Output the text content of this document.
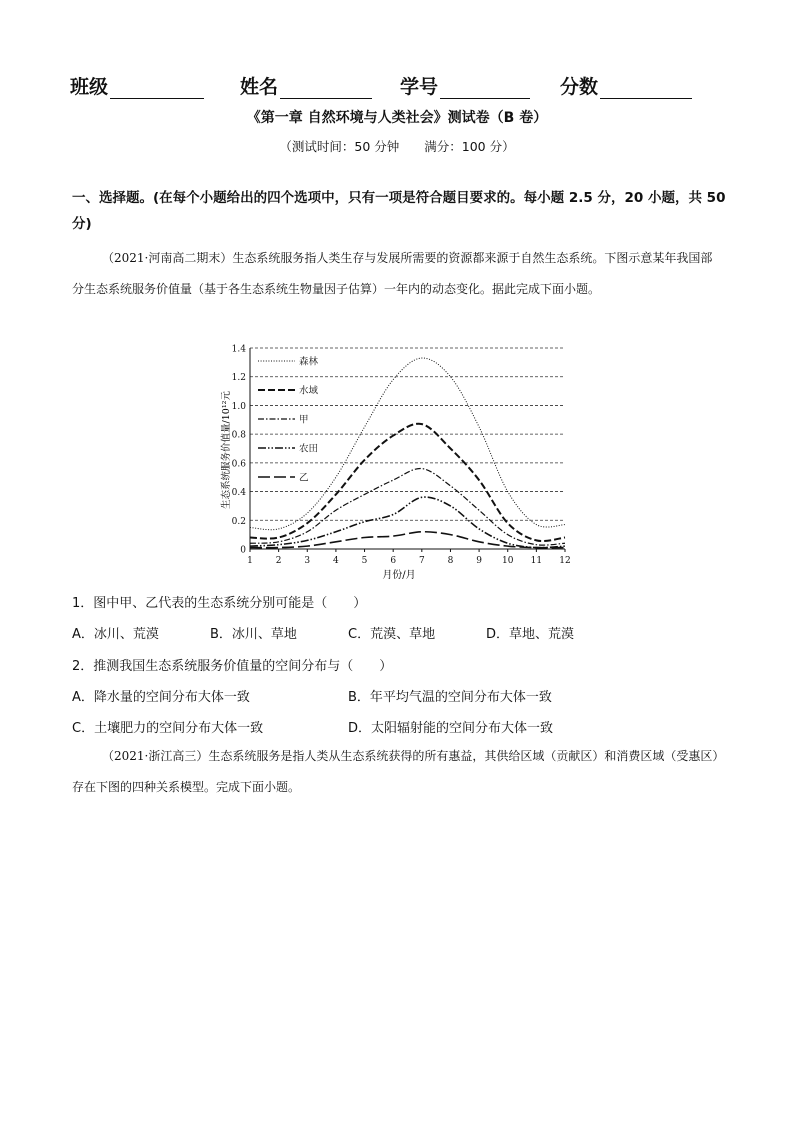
班级	姓名	学号	分数
《第一章 自然环境与人类社会》测试卷（B 卷）
（测试时间：50 分钟　　满分：100 分）
一、选择题。(在每个小题给出的四个选项中，只有一项是符合题目要求的。每小题 2.5 分，20 小题，共 50 分)
（2021·河南高二期末）生态系统服务指人类生存与发展所需要的资源都来源于自然生态系统。下图示意某年我国部分生态系统服务价值量（基于各生态系统生物量因子估算）一年内的动态变化。据此完成下面小题。
0
0.2
0.4
0.6
0.8
1.0
1.2
1.4
1	2	3	4	5	6	7	8	9 10 11 12
森林
水域
甲
农田
乙
月份/月
生态系统服务价值量/10¹²元
1．图中甲、乙代表的生态系统分别可能是（　　）
A．冰川、荒漠	B．冰川、草地	C．荒漠、草地	D．草地、荒漠
2．推测我国生态系统服务价值量的空间分布与（　　）
A．降水量的空间分布大体一致	B．年平均气温的空间分布大体一致
C．土壤肥力的空间分布大体一致	D．太阳辐射能的空间分布大体一致
（2021·浙江高三）生态系统服务是指人类从生态系统获得的所有惠益，其供给区域（贡献区）和消费区域（受惠区）存在下图的四种关系模型。完成下面小题。
